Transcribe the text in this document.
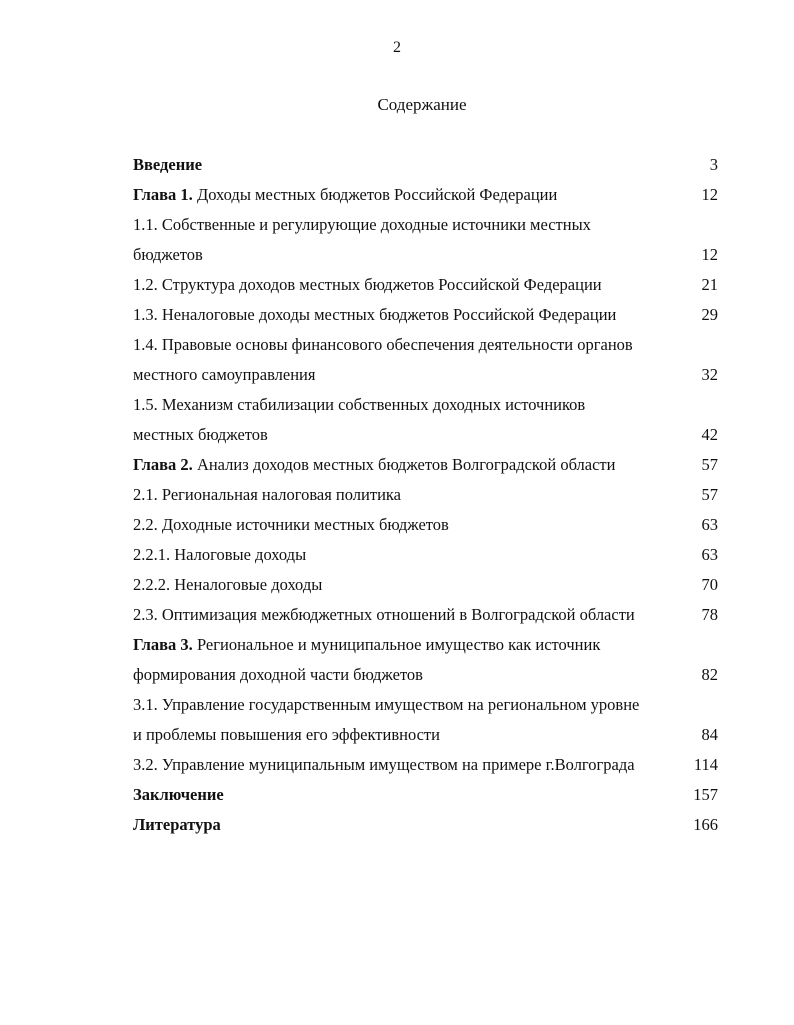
2
Содержание
Введение	3
Глава 1. Доходы местных бюджетов Российской Федерации	12
1.1. Собственные и регулирующие доходные источники местных
бюджетов	12
1.2. Структура доходов местных бюджетов Российской Федерации	21
1.3. Неналоговые доходы местных бюджетов Российской Федерации	29
1.4. Правовые основы финансового обеспечения деятельности органов
местного самоуправления	32
1.5. Механизм стабилизации собственных доходных источников
местных бюджетов	42
Глава 2. Анализ доходов местных бюджетов Волгоградской области	57
2.1. Региональная налоговая политика	57
2.2. Доходные источники местных бюджетов	63
2.2.1. Налоговые доходы	63
2.2.2. Неналоговые доходы	70
2.3. Оптимизация межбюджетных отношений в Волгоградской области	78
Глава 3. Региональное и муниципальное имущество как источник
формирования доходной части бюджетов	82
3.1. Управление государственным имуществом на региональном уровне
и проблемы повышения его эффективности	84
3.2. Управление муниципальным имуществом на примере г.Волгограда	114
Заключение	157
Литература	166
